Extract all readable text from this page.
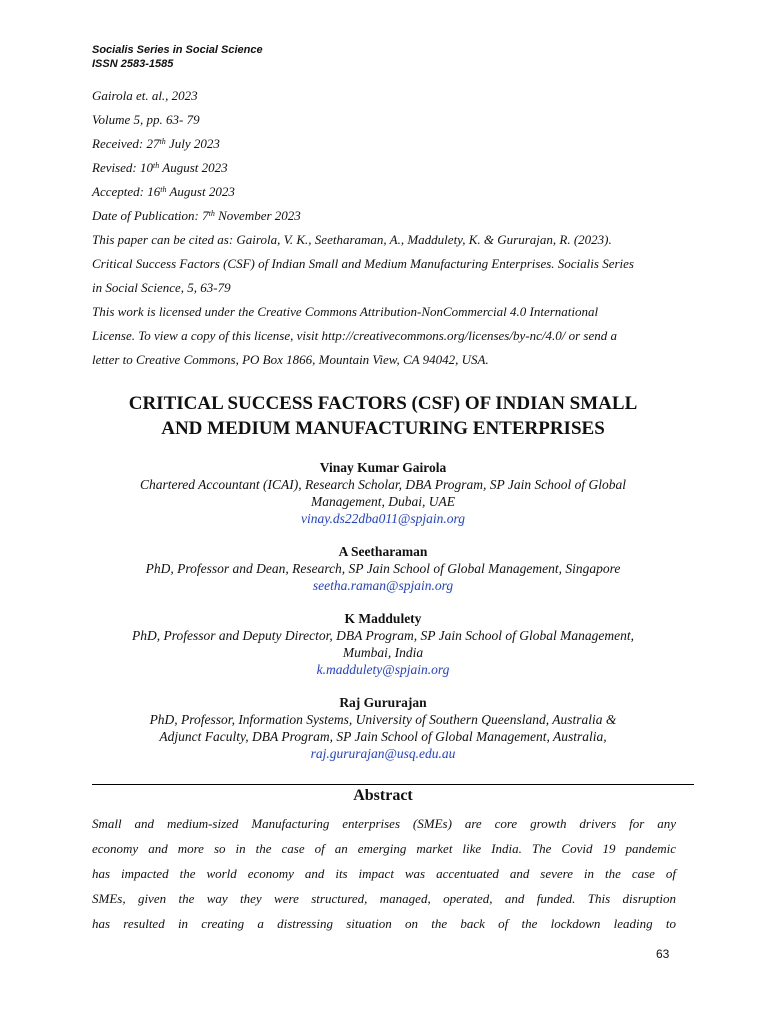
Socialis Series in Social Science
ISSN 2583-1585
Gairola et. al., 2023
Volume 5, pp. 63- 79
Received: 27th July 2023
Revised: 10th August 2023
Accepted: 16th August 2023
Date of Publication: 7th November 2023
This paper can be cited as: Gairola, V. K., Seetharaman, A., Maddulety, K. & Gururajan, R. (2023).
Critical Success Factors (CSF) of Indian Small and Medium Manufacturing Enterprises. Socialis Series
in Social Science, 5, 63-79
This work is licensed under the Creative Commons Attribution-NonCommercial 4.0 International
License. To view a copy of this license, visit http://creativecommons.org/licenses/by-nc/4.0/ or send a
letter to Creative Commons, PO Box 1866, Mountain View, CA 94042, USA.
CRITICAL SUCCESS FACTORS (CSF) OF INDIAN SMALL
AND MEDIUM MANUFACTURING ENTERPRISES
Vinay Kumar Gairola
Chartered Accountant (ICAI), Research Scholar, DBA Program, SP Jain School of Global
Management, Dubai, UAE
vinay.ds22dba011@spjain.org
A Seetharaman
PhD, Professor and Dean, Research, SP Jain School of Global Management, Singapore
seetha.raman@spjain.org
K Maddulety
PhD, Professor and Deputy Director, DBA Program, SP Jain School of Global Management,
Mumbai, India
k.maddulety@spjain.org
Raj Gururajan
PhD, Professor, Information Systems, University of Southern Queensland, Australia &
Adjunct Faculty, DBA Program, SP Jain School of Global Management, Australia,
raj.gururajan@usq.edu.au
Abstract
Small and medium-sized Manufacturing enterprises (SMEs) are core growth drivers for any
economy and more so in the case of an emerging market like India. The Covid 19 pandemic
has impacted the world economy and its impact was accentuated and severe in the case of
SMEs, given the way they were structured, managed, operated, and funded. This disruption
has resulted in creating a distressing situation on the back of the lockdown leading to
63
